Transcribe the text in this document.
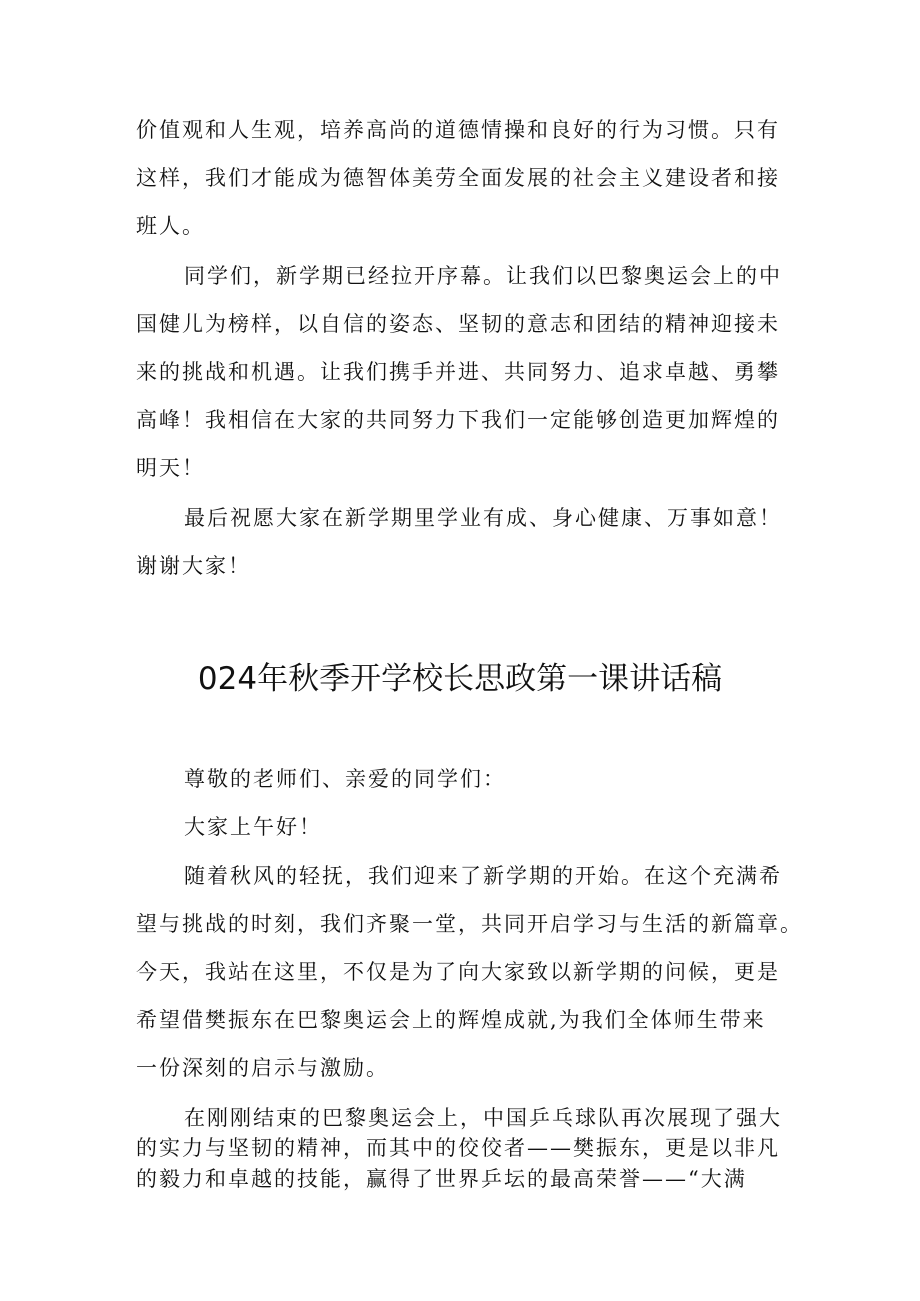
价值观和人生观，培养高尚的道德情操和良好的行为习惯。只有
这样，我们才能成为德智体美劳全面发展的社会主义建设者和接
班人。
同学们，新学期已经拉开序幕。让我们以巴黎奥运会上的中
国健儿为榜样，以自信的姿态、坚韧的意志和团结的精神迎接未
来的挑战和机遇。让我们携手并进、共同努力、追求卓越、勇攀
高峰！我相信在大家的共同努力下我们一定能够创造更加辉煌的
明天！
最后祝愿大家在新学期里学业有成、身心健康、万事如意！
谢谢大家！
024年秋季开学校长思政第一课讲话稿
尊敬的老师们、亲爱的同学们：
大家上午好！
随着秋风的轻抚，我们迎来了新学期的开始。在这个充满希
望与挑战的时刻，我们齐聚一堂，共同开启学习与生活的新篇章。
今天，我站在这里，不仅是为了向大家致以新学期的问候，更是
希望借樊振东在巴黎奥运会上的辉煌成就,为我们全体师生带来
一份深刻的启示与激励。
在刚刚结束的巴黎奥运会上，中国乒乓球队再次展现了强大
的实力与坚韧的精神，而其中的佼佼者——樊振东，更是以非凡
的毅力和卓越的技能，赢得了世界乒坛的最高荣誉——“大满
